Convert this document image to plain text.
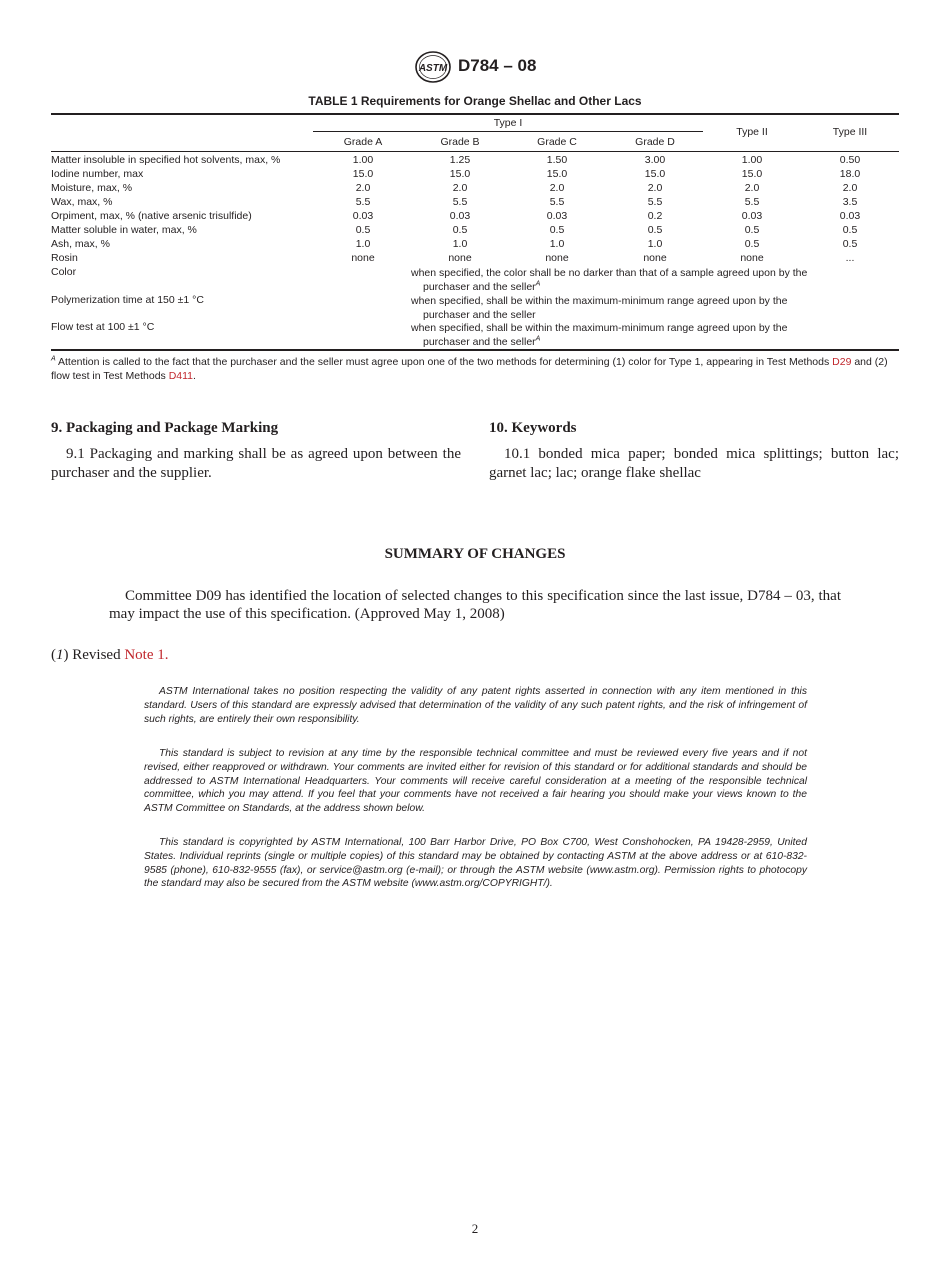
ASTM D784 – 08
TABLE 1 Requirements for Orange Shellac and Other Lacs
Type I
Grade A	Grade B	Grade C	Grade D
Type II	Type III
Matter insoluble in specified hot solvents, max, %	1.00	1.25	1.50	3.00	1.00	0.50
Iodine number, max	15.0	15.0	15.0	15.0	15.0	18.0
Moisture, max, %	2.0	2.0	2.0	2.0	2.0	2.0
Wax, max, %	5.5	5.5	5.5	5.5	5.5	3.5
Orpiment, max, % (native arsenic trisulfide)	0.03	0.03	0.03	0.2	0.03	0.03
Matter soluble in water, max, %	0.5	0.5	0.5	0.5	0.5	0.5
Ash, max, %	1.0	1.0	1.0	1.0	0.5	0.5
Rosin	none	none	none	none	none	...
Color	when specified, the color shall be no darker than that of a sample agreed upon by the
purchaser and the seller$^A$
Polymerization time at 150 ±1 °C	when specified, shall be within the maximum-minimum range agreed upon by the
purchaser and the seller
Flow test at 100 ±1 °C	when specified, shall be within the maximum-minimum range agreed upon by the
purchaser and the seller$^A$
$^A$ Attention is called to the fact that the purchaser and the seller must agree upon one of the two methods for determining (1) color for Type 1, appearing in Test Methods D29 and (2) flow test in Test Methods D411.
9. Packaging and Package Marking
9.1 Packaging and marking shall be as agreed upon between the purchaser and the supplier.
10. Keywords
10.1 bonded mica paper; bonded mica splittings; button lac; garnet lac; lac; orange flake shellac
SUMMARY OF CHANGES
Committee D09 has identified the location of selected changes to this specification since the last issue, D784 – 03, that may impact the use of this specification. (Approved May 1, 2008)
(1) Revised Note 1.
ASTM International takes no position respecting the validity of any patent rights asserted in connection with any item mentioned in this standard. Users of this standard are expressly advised that determination of the validity of any such patent rights, and the risk of infringement of such rights, are entirely their own responsibility.
This standard is subject to revision at any time by the responsible technical committee and must be reviewed every five years and if not revised, either reapproved or withdrawn. Your comments are invited either for revision of this standard or for additional standards and should be addressed to ASTM International Headquarters. Your comments will receive careful consideration at a meeting of the responsible technical committee, which you may attend. If you feel that your comments have not received a fair hearing you should make your views known to the ASTM Committee on Standards, at the address shown below.
This standard is copyrighted by ASTM International, 100 Barr Harbor Drive, PO Box C700, West Conshohocken, PA 19428-2959, United States. Individual reprints (single or multiple copies) of this standard may be obtained by contacting ASTM at the above address or at 610-832-9585 (phone), 610-832-9555 (fax), or service@astm.org (e-mail); or through the ASTM website (www.astm.org). Permission rights to photocopy the standard may also be secured from the ASTM website (www.astm.org/COPYRIGHT/).
2
